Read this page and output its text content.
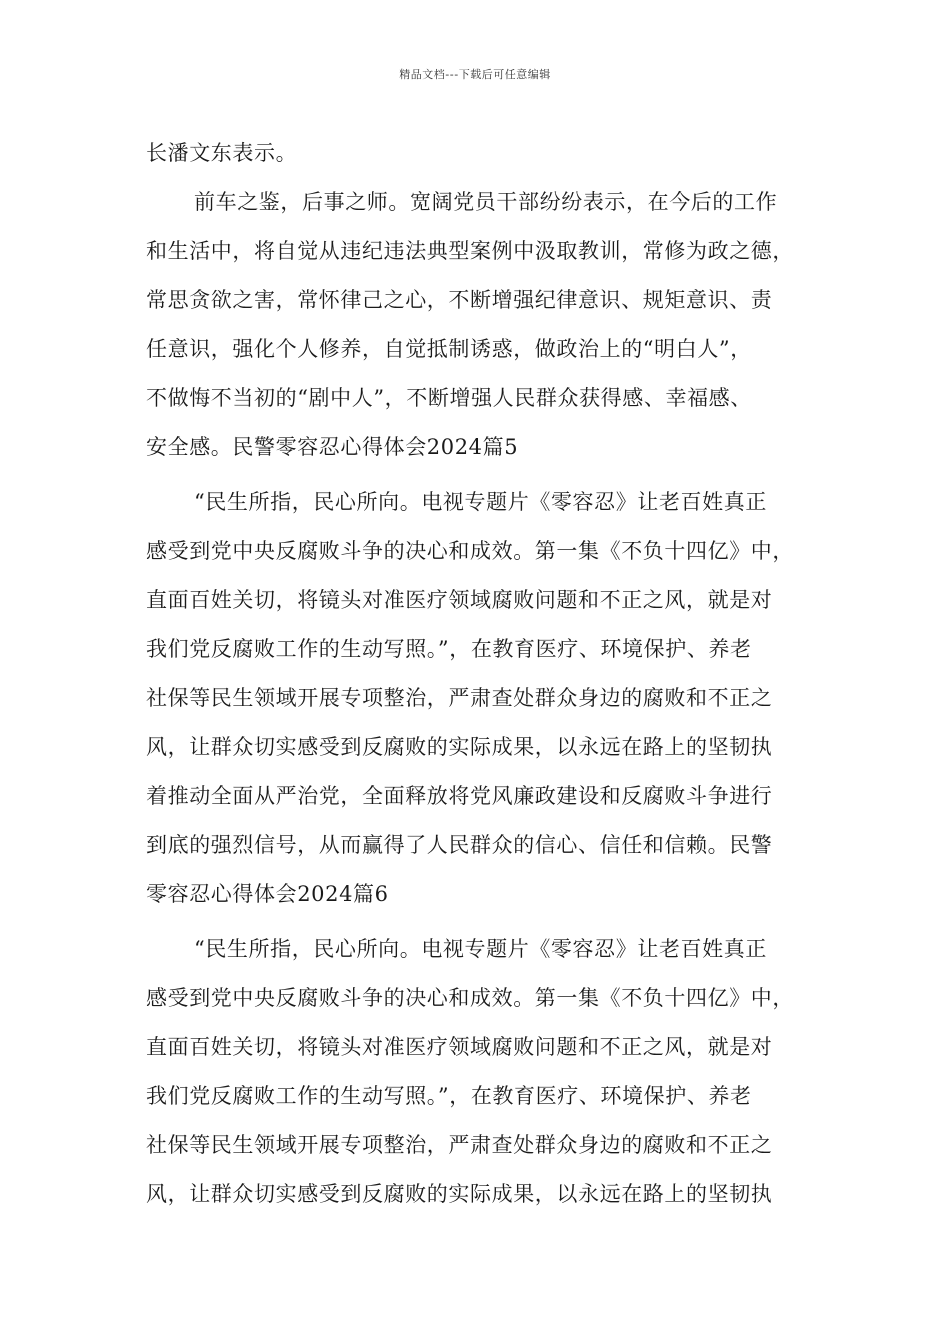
精品文档---下载后可任意编辑
长潘文东表示。
前车之鉴，后事之师。宽阔党员干部纷纷表示，在今后的工作
和生活中，将自觉从违纪违法典型案例中汲取教训，常修为政之德，
常思贪欲之害，常怀律己之心，不断增强纪律意识、规矩意识、责
任意识，强化个人修养，自觉抵制诱惑，做政治上的“明白人”，
不做悔不当初的“剧中人”，不断增强人民群众获得感、幸福感、
安全感。民警零容忍心得体会2024篇5
“民生所指，民心所向。电视专题片《零容忍》让老百姓真正
感受到党中央反腐败斗争的决心和成效。第一集《不负十四亿》中，
直面百姓关切，将镜头对准医疗领域腐败问题和不正之风，就是对
我们党反腐败工作的生动写照。”，在教育医疗、环境保护、养老
社保等民生领域开展专项整治，严肃查处群众身边的腐败和不正之
风，让群众切实感受到反腐败的实际成果，以永远在路上的坚韧执
着推动全面从严治党，全面释放将党风廉政建设和反腐败斗争进行
到底的强烈信号，从而赢得了人民群众的信心、信任和信赖。民警
零容忍心得体会2024篇6
“民生所指，民心所向。电视专题片《零容忍》让老百姓真正
感受到党中央反腐败斗争的决心和成效。第一集《不负十四亿》中，
直面百姓关切，将镜头对准医疗领域腐败问题和不正之风，就是对
我们党反腐败工作的生动写照。”，在教育医疗、环境保护、养老
社保等民生领域开展专项整治，严肃查处群众身边的腐败和不正之
风，让群众切实感受到反腐败的实际成果，以永远在路上的坚韧执
